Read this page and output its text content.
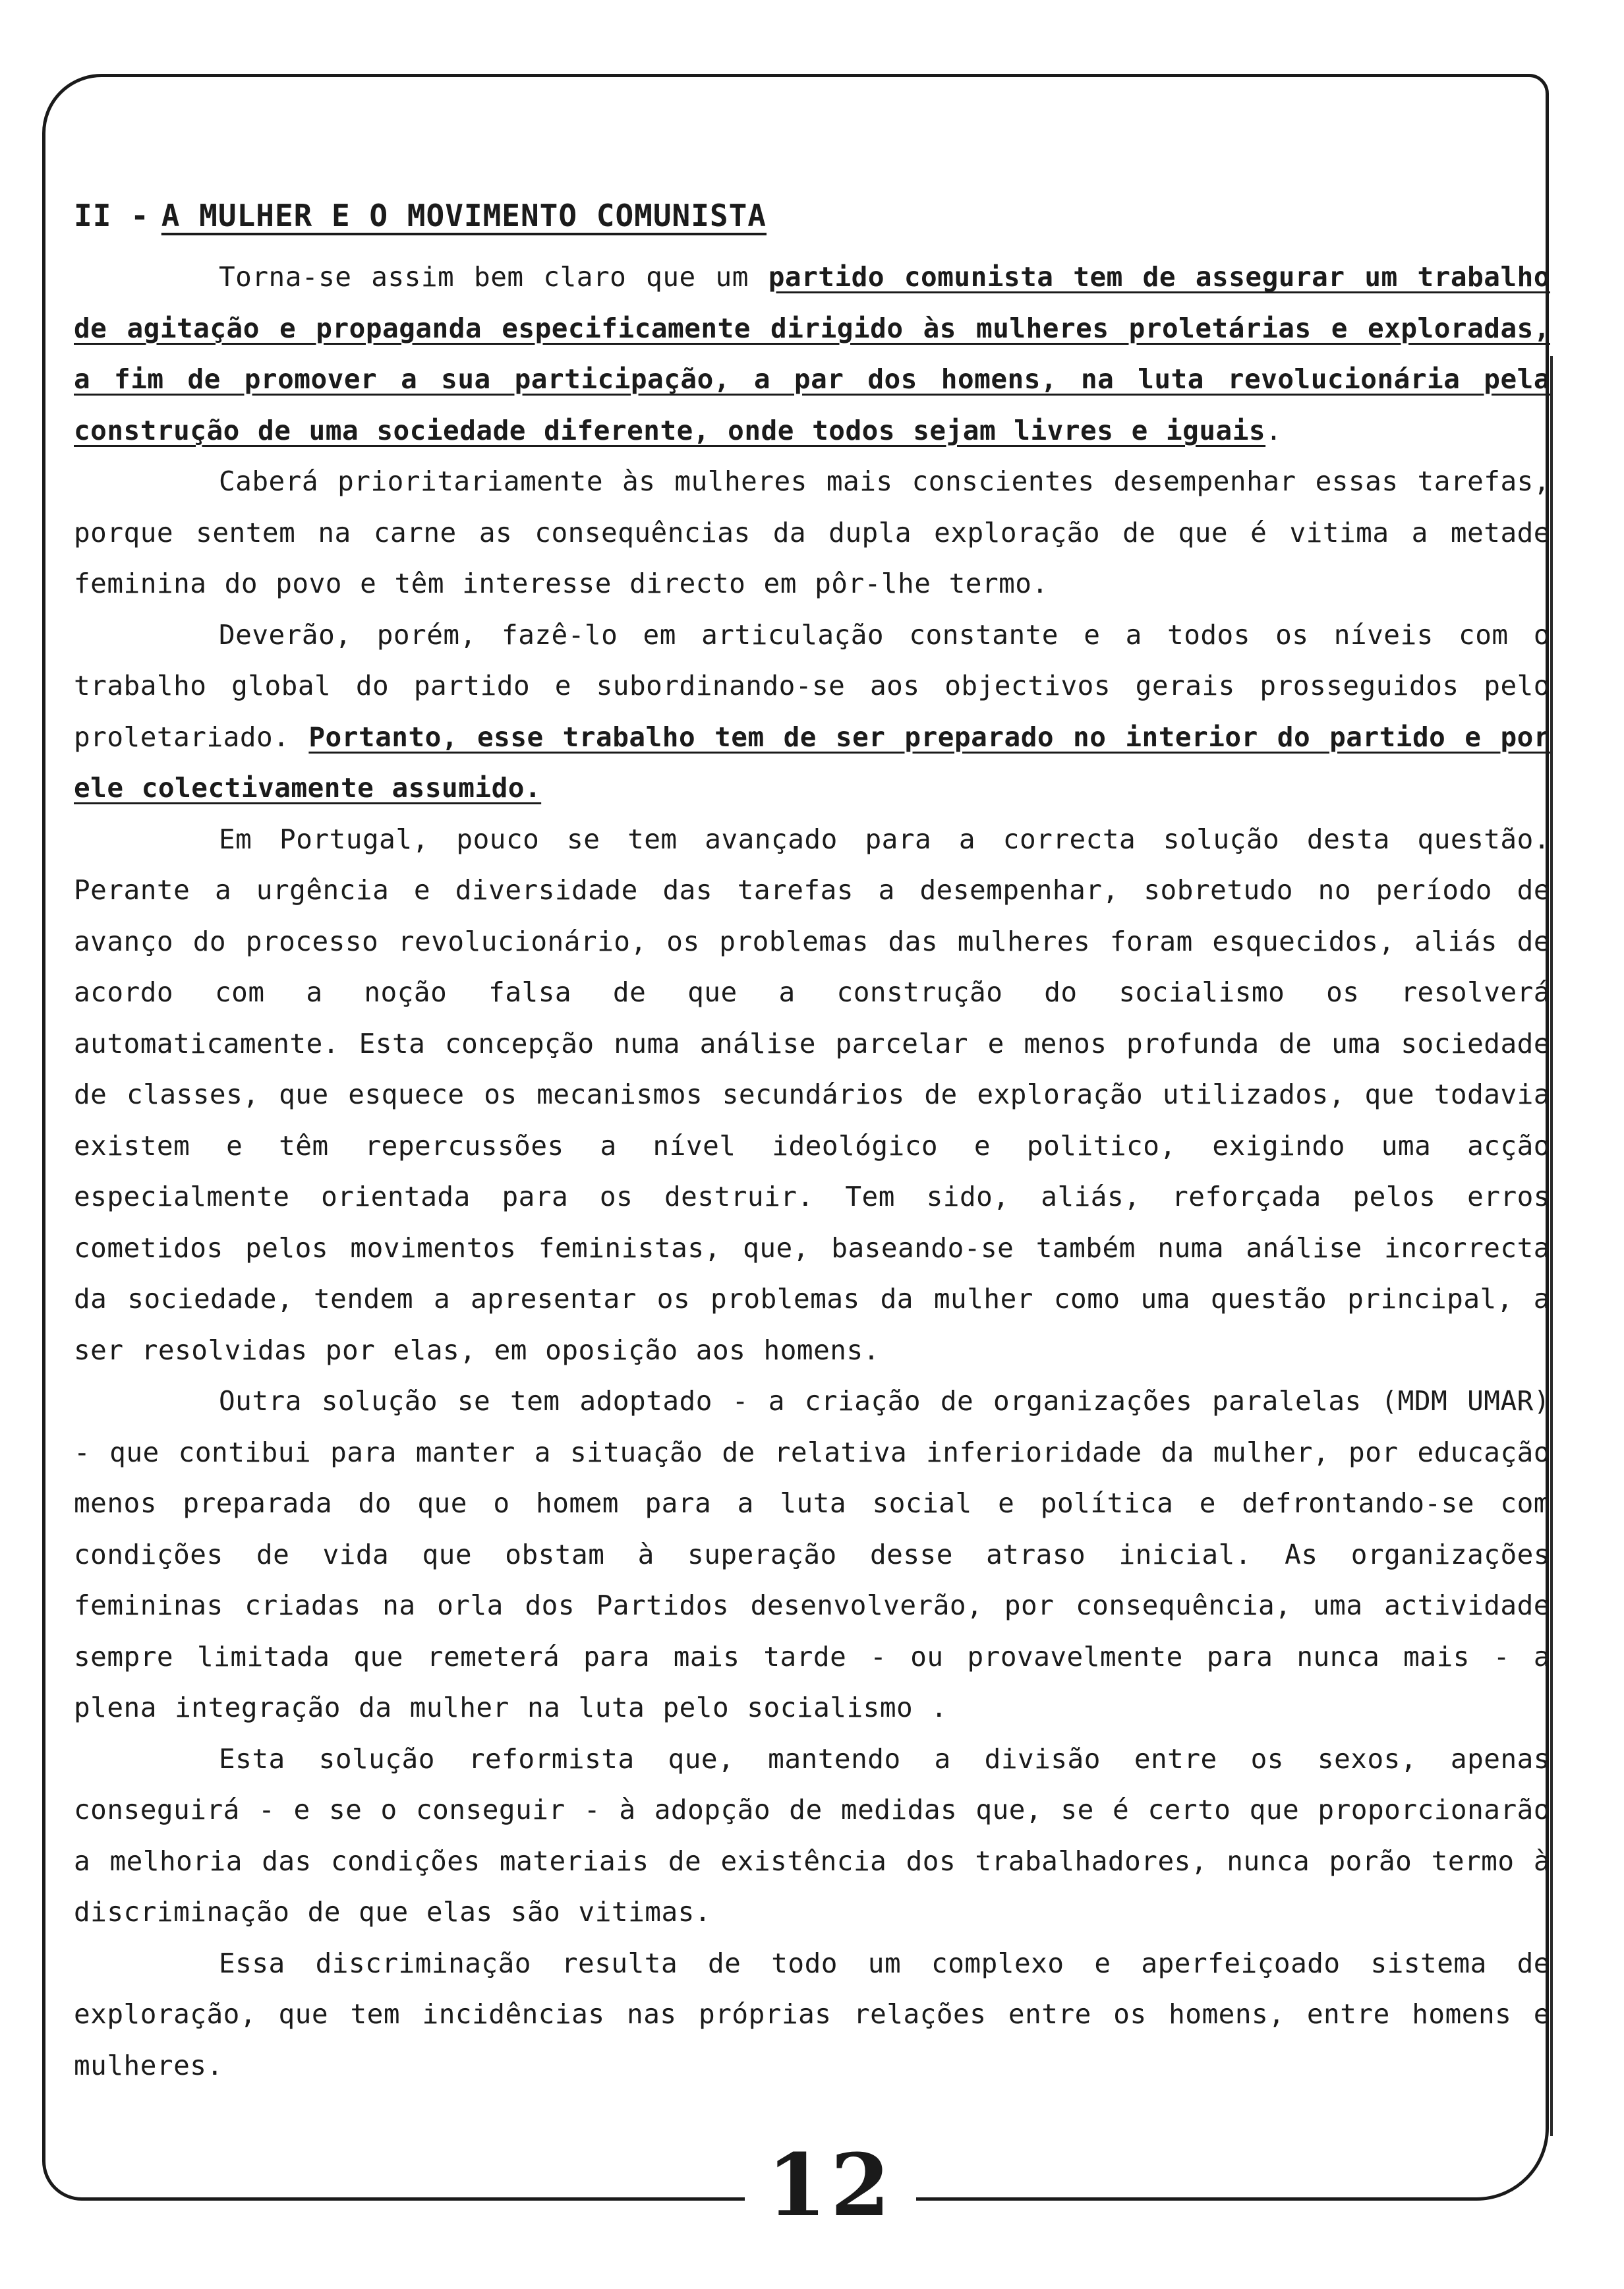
II - A MULHER E O MOVIMENTO COMUNISTA

Torna-se assim bem claro que um partido comunista tem de assegurar um trabalho de agitação e propaganda especificamente dirigido às mulheres proletárias e exploradas, a fim de promover a sua participação, a par dos homens, na luta revolucionária pela construção de uma sociedade diferente, onde todos sejam livres e iguais.

Caberá prioritariamente às mulheres mais conscientes desempenhar essas tarefas, porque sentem na carne as consequências da dupla exploração de que é vitima a metade feminina do povo e têm interesse directo em pôr-lhe termo.

Deverão, porém, fazê-lo em articulação constante e a todos os níveis com o trabalho global do partido e subordinando-se aos objectivos gerais prosseguidos pelo proletariado. Portanto, esse trabalho tem de ser preparado no interior do partido e por ele colectivamente assumido.

Em Portugal, pouco se tem avançado para a correcta solução desta questão. Perante a urgência e diversidade das tarefas a desempenhar, sobretudo no período de avanço do processo revolucionário, os problemas das mulheres foram esquecidos, aliás de acordo com a noção falsa de que a construção do socialismo os resolverá automaticamente. Esta concepção numa análise parcelar e menos profunda de uma sociedade de classes, que esquece os mecanismos secundários de exploração utilizados, que todavia existem e têm repercussões a nível ideológico e politico, exigindo uma acção especialmente orientada para os destruir. Tem sido, aliás, reforçada pelos erros cometidos pelos movimentos feministas, que, baseando-se também numa análise incorrecta da sociedade, tendem a apresentar os problemas da mulher como uma questão principal, a ser resolvidas por elas, em oposição aos homens.

Outra solução se tem adoptado - a criação de organizações paralelas (MDM UMAR) - que contibui para manter a situação de relativa inferioridade da mulher, por educação menos preparada do que o homem para a luta social e política e defrontando-se com condições de vida que obstam à superação desse atraso inicial. As organizações femininas criadas na orla dos Partidos desenvolverão, por consequência, uma actividade sempre limitada que remeterá para mais tarde - ou provavelmente para nunca mais - a plena integração da mulher na luta pelo socialismo .

Esta solução reformista que, mantendo a divisão entre os sexos, apenas conseguirá - e se o conseguir - à adopção de medidas que, se é certo que proporcionarão a melhoria das condições materiais de existência dos trabalhadores, nunca porão termo à discriminação de que elas são vitimas.

Essa discriminação resulta de todo um complexo e aperfeiçoado sistema de exploração, que tem incidências nas próprias relações entre os homens, entre homens e mulheres.

12
